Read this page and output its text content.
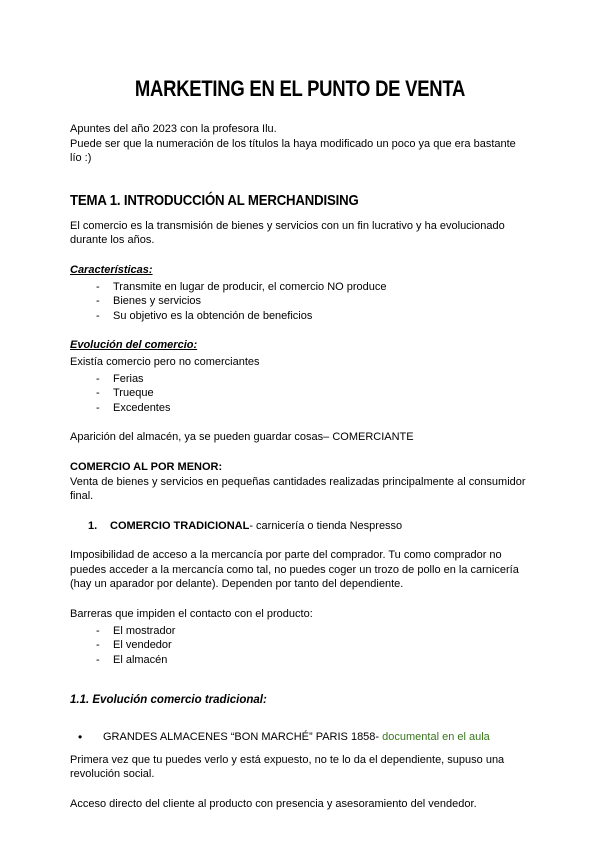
MARKETING EN EL PUNTO DE VENTA

Apuntes del año 2023 con la profesora Ilu.

Puede ser que la numeración de los títulos la haya modificado un poco ya que era bastante lío :)

TEMA 1. INTRODUCCIÓN AL MERCHANDISING

El comercio es la transmisión de bienes y servicios con un fin lucrativo y ha evolucionado durante los años.

Características:

- Transmite en lugar de producir, el comercio NO produce
- Bienes y servicios
- Su objetivo es la obtención de beneficios

Evolución del comercio:

Existía comercio pero no comerciantes

- Ferias
- Trueque
- Excedentes

Aparición del almacén, ya se pueden guardar cosas– COMERCIANTE

COMERCIO AL POR MENOR:

Venta de bienes y servicios en pequeñas cantidades realizadas principalmente al consumidor final.

1.	COMERCIO TRADICIONAL- carnicería o tienda Nespresso

Imposibilidad de acceso a la mercancía por parte del comprador. Tu como comprador no puedes acceder a la mercancía como tal, no puedes coger un trozo de pollo en la carnicería (hay un aparador por delante). Dependen por tanto del dependiente.

Barreras que impiden el contacto con el producto:

- El mostrador
- El vendedor
- El almacén

1.1. Evolución comercio tradicional:

• GRANDES ALMACENES “BON MARCHÉ” PARIS 1858- documental en el aula

Primera vez que tu puedes verlo y está expuesto, no te lo da el dependiente, supuso una revolución social.

Acceso directo del cliente al producto con presencia y asesoramiento del vendedor.
